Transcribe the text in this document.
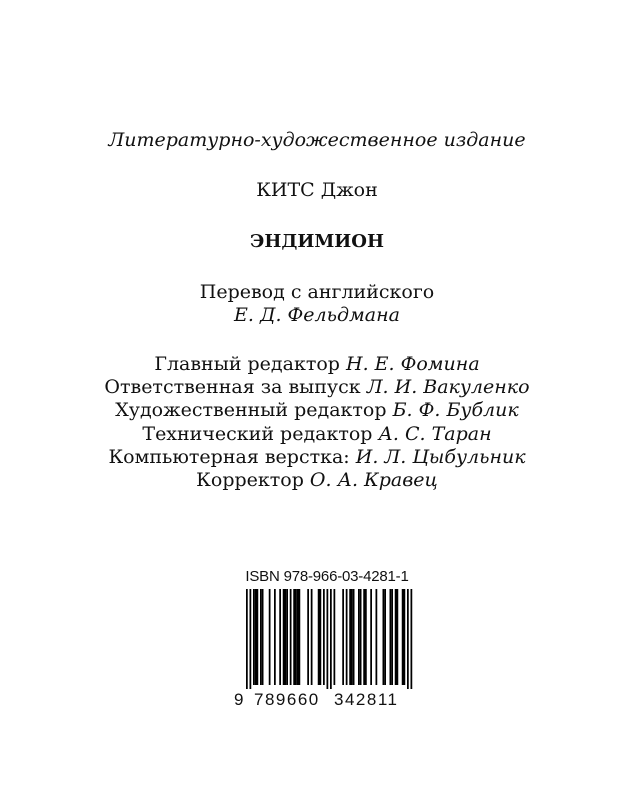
Литературно-художественное издание
КИТС Джон
ЭНДИМИОН
Перевод с английского
Е. Д. Фельдмана
Главный редактор Н. Е. Фомина
Ответственная за выпуск Л. И. Вакуленко
Художественный редактор Б. Ф. Бублик
Технический редактор А. С. Таран
Компьютерная верстка: И. Л. Цыбульник
Корректор О. А. Кравец
ISBN 978-966-03-4281-1
9 789660 342811
